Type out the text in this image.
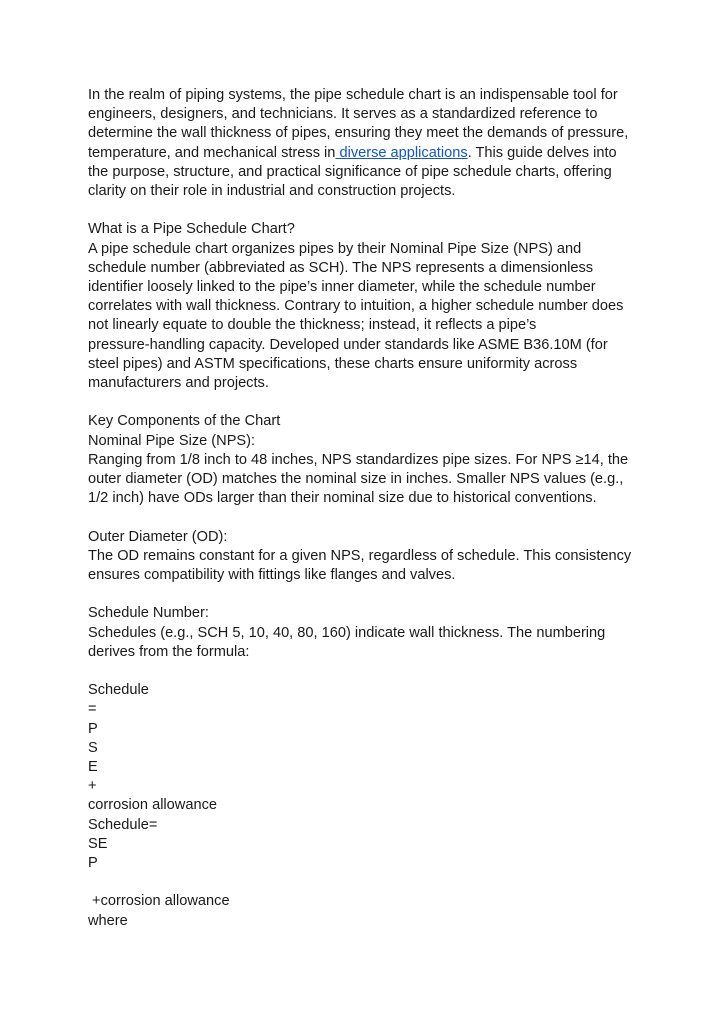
In the realm of piping systems, the pipe schedule chart is an indispensable tool for
engineers, designers, and technicians. It serves as a standardized reference to
determine the wall thickness of pipes, ensuring they meet the demands of pressure,
temperature, and mechanical stress in diverse applications. This guide delves into
the purpose, structure, and practical significance of pipe schedule charts, offering
clarity on their role in industrial and construction projects.
What is a Pipe Schedule Chart?
A pipe schedule chart organizes pipes by their Nominal Pipe Size (NPS) and
schedule number (abbreviated as SCH). The NPS represents a dimensionless
identifier loosely linked to the pipe’s inner diameter, while the schedule number
correlates with wall thickness. Contrary to intuition, a higher schedule number does
not linearly equate to double the thickness; instead, it reflects a pipe’s
pressure-handling capacity. Developed under standards like ASME B36.10M (for
steel pipes) and ASTM specifications, these charts ensure uniformity across
manufacturers and projects.
Key Components of the Chart
Nominal Pipe Size (NPS):
Ranging from 1/8 inch to 48 inches, NPS standardizes pipe sizes. For NPS ≥14, the
outer diameter (OD) matches the nominal size in inches. Smaller NPS values (e.g.,
1/2 inch) have ODs larger than their nominal size due to historical conventions.
Outer Diameter (OD):
The OD remains constant for a given NPS, regardless of schedule. This consistency
ensures compatibility with fittings like flanges and valves.
Schedule Number:
Schedules (e.g., SCH 5, 10, 40, 80, 160) indicate wall thickness. The numbering
derives from the formula:
Schedule
=
P
S
E
+
corrosion allowance
Schedule=
SE
P
+corrosion allowance
where
